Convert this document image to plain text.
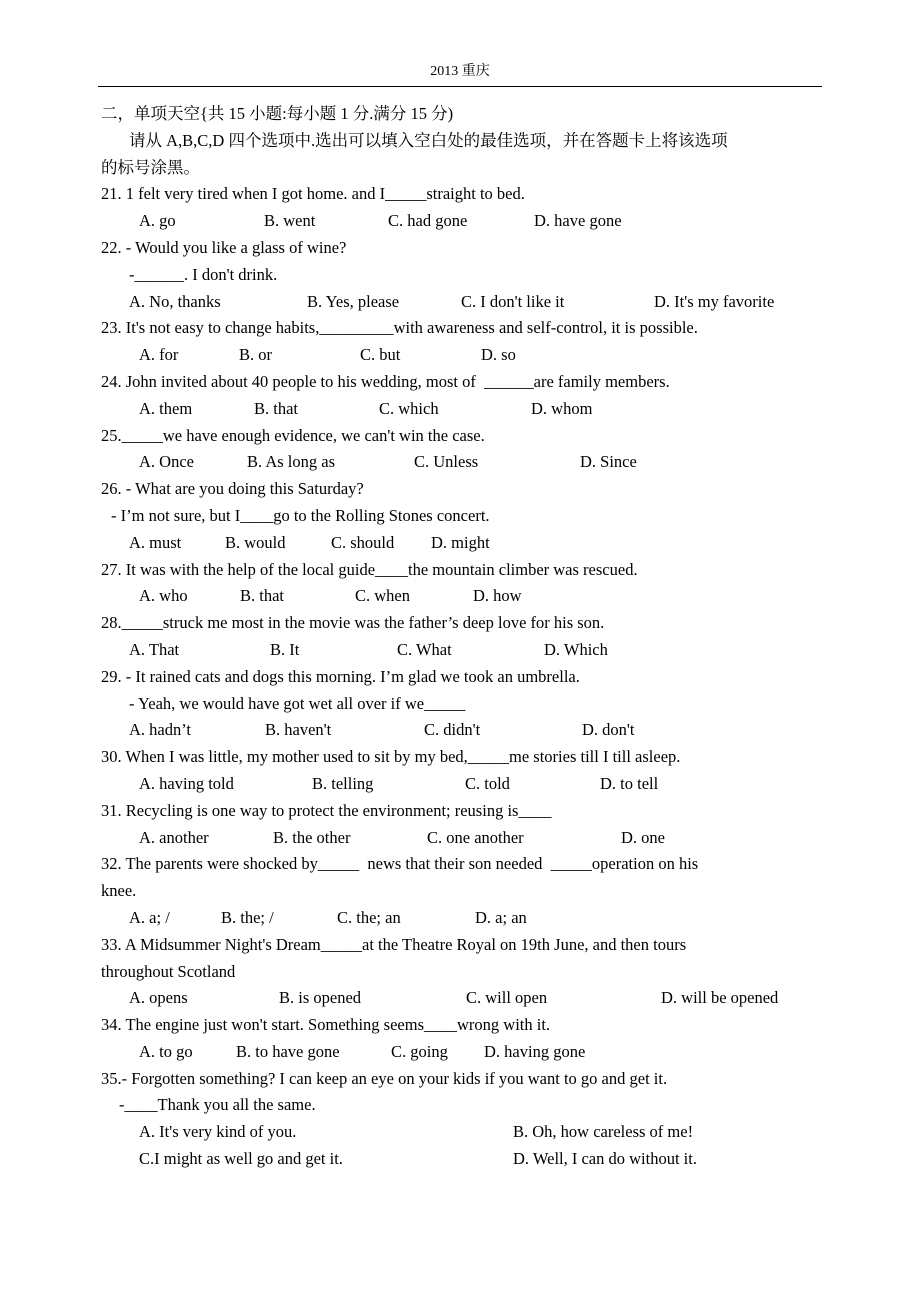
2013 重庆
二，单项天空{共 15 小题:每小题 1 分.满分 15 分)
请从 A,B,C,D 四个选项中.选出可以填入空白处的最佳选项，并在答题卡上将该选项
的标号涂黑。
21. 1 felt very tired when I got home. and I_____straight to bed.
A. go	B. went	C. had gone	D. have gone
22. - Would you like a glass of wine?
-______. I don't drink.
A. No, thanks	B. Yes, please	C. I don't like it	D. It's my favorite
23. It's not easy to change habits,_________with awareness and self-control, it is possible.
A. for	B. or	C. but	D. so
24. John invited about 40 people to his wedding, most of  ______are family members.
A. them	B. that	C. which	D. whom
25._____we have enough evidence, we can't win the case.
A. Once	B. As long as	C. Unless	D. Since
26. - What are you doing this Saturday?
- I’m not sure, but I____go to the Rolling Stones concert.
A. must	B. would	C. should D. might
27. It was with the help of the local guide____the mountain climber was rescued.
A. who	B. that	C. when	D. how
28._____struck me most in the movie was the father’s deep love for his son.
A. That	B. It	C. What	D. Which
29. - It rained cats and dogs this morning. I’m glad we took an umbrella.
- Yeah, we would have got wet all over if we_____
A. hadn’t	B. haven't	C. didn't	D. don't
30. When I was little, my mother used to sit by my bed,_____me stories till I till asleep.
A. having told	B. telling	C. told	D. to tell
31. Recycling is one way to protect the environment; reusing is____
A. another	B. the other	C. one another	D. one
32. The parents were shocked by_____  news that their son needed  _____operation on his
knee.
A. a; /	B. the; /	C. the; an	D. a; an
33. A Midsummer Night's Dream_____at the Theatre Royal on 19th June, and then tours
throughout Scotland
A. opens	B. is opened	C. will open	D. will be opened
34. The engine just won't start. Something seems____wrong with it.
A. to go	B. to have gone	C. going D. having gone
35.- Forgotten something? I can keep an eye on your kids if you want to go and get it.
-____Thank you all the same.
A. It's very kind of you.	B. Oh, how careless of me!
C.I might as well go and get it.	D. Well, I can do without it.
